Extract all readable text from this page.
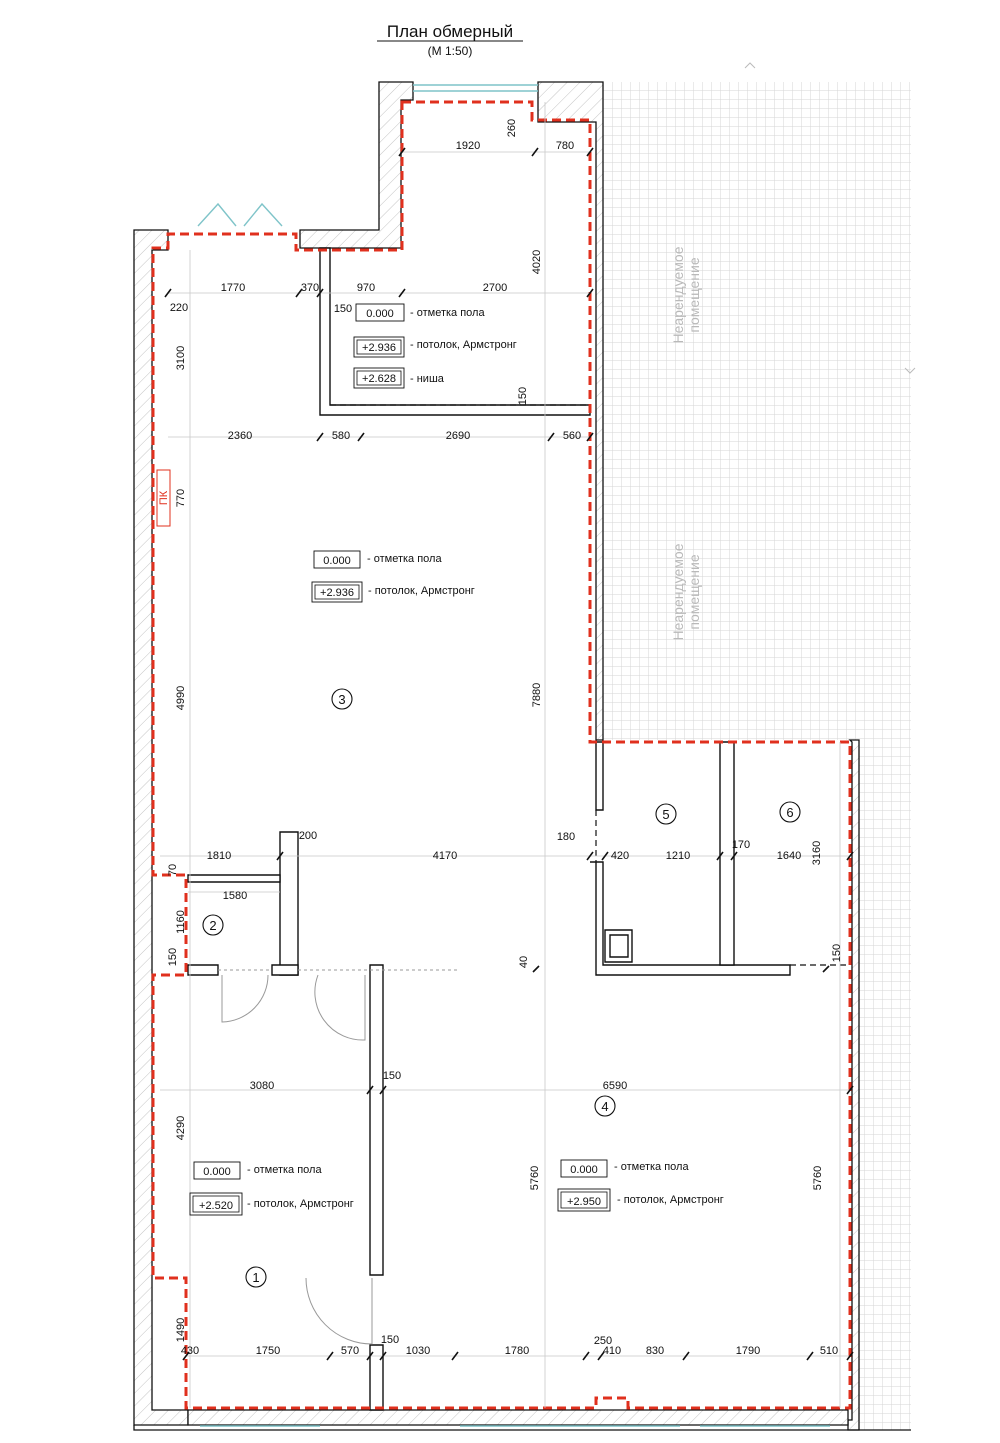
План обмерный
(М 1:50)
Неарендуемое помещение
Неарендуемое помещение
1920	780
260
4020
220
1770	370	970	2700
150
3100
150
2360	580	2690	560
770
4990	7880
200	180
1810	4170	420	1210
170
1640 3160
70
1580
1160
150	40	150
3080
150
6590
4290
5760	5760
1490
430	1750	570
150
1030	1780
250
410 830	1790	510
ПК
0.000 - отметка пола
+2.936 - потолок, Армстронг
+2.628 - ниша
0.000 - отметка пола
+2.936 - потолок, Армстронг
0.000 - отметка пола
+2.520 - потолок, Армстронг
0.000 - отметка пола
+2.950 - потолок, Армстронг
1
2
3
4
5	6
